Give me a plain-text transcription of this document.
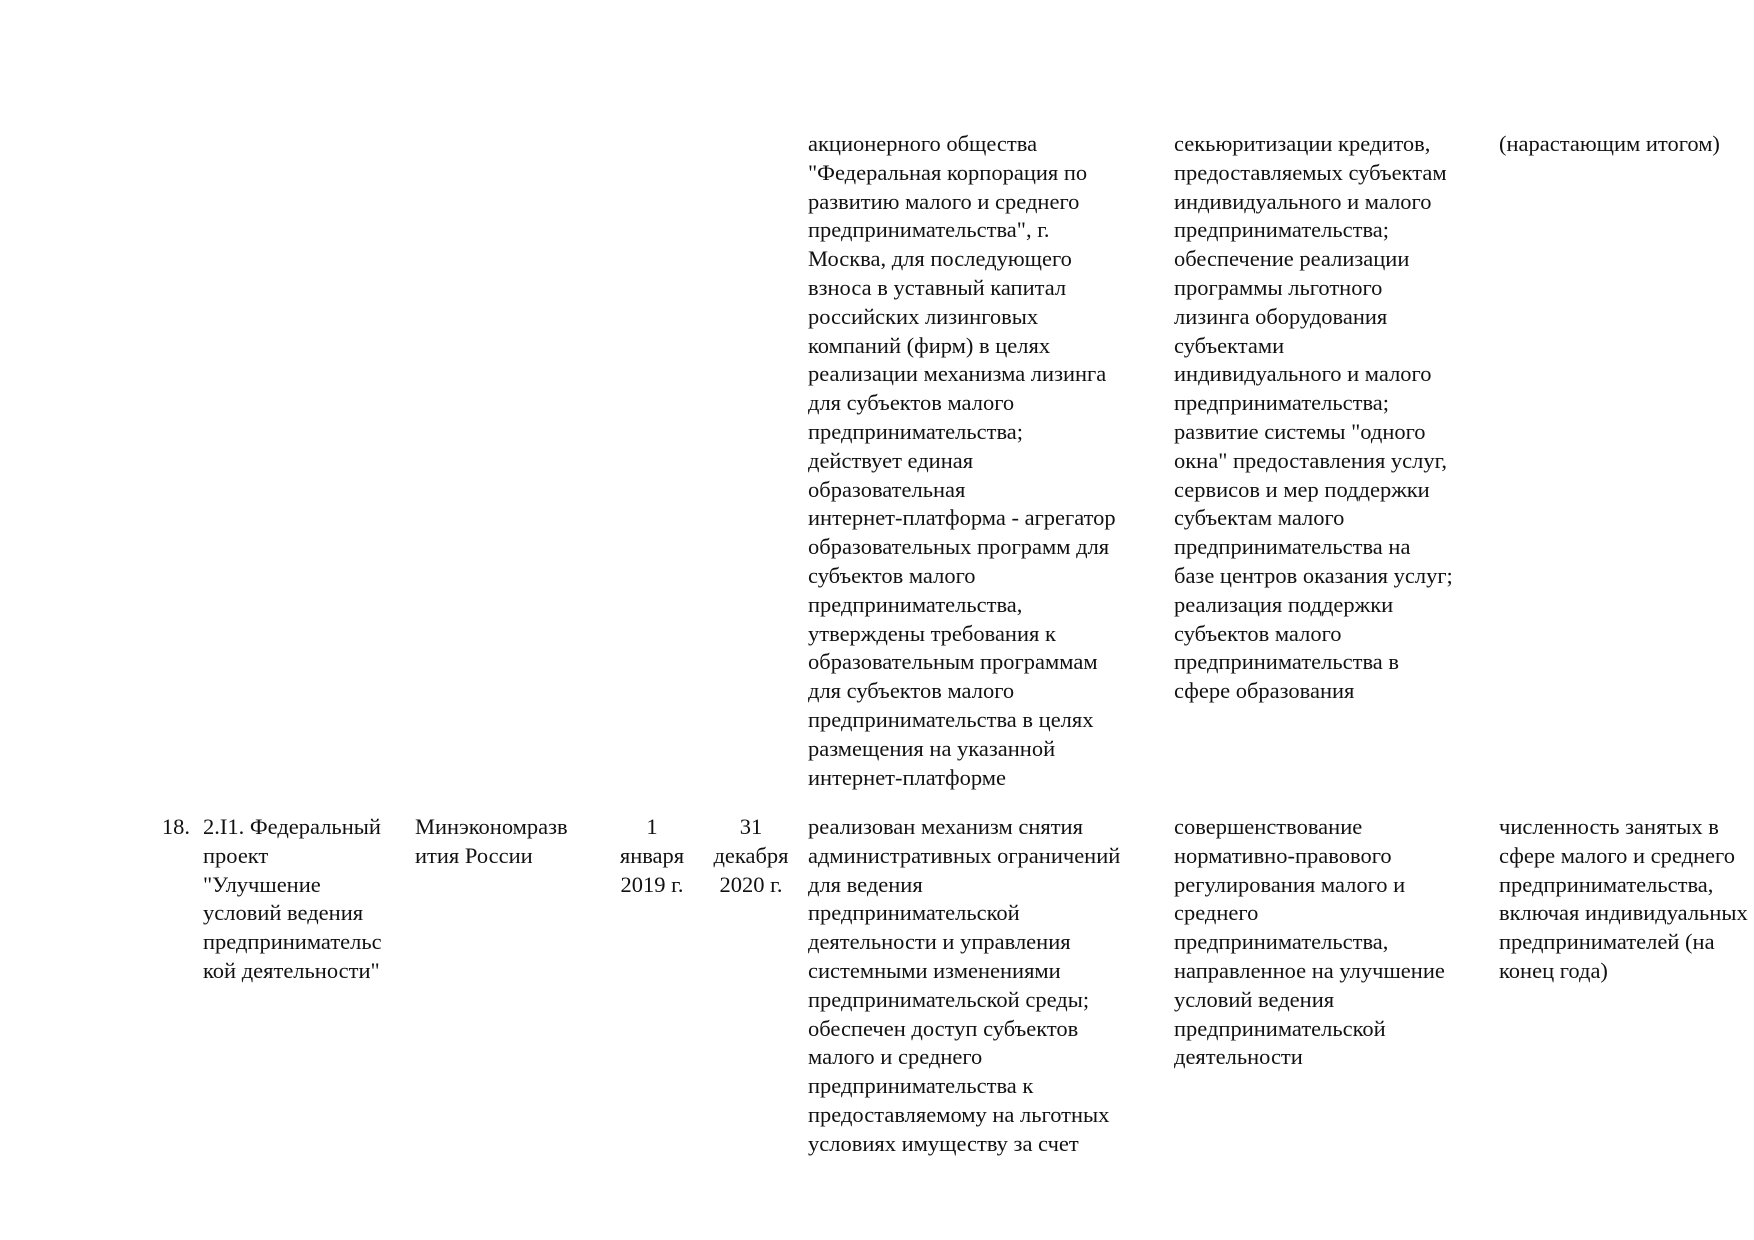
акционерного общества
"Федеральная корпорация по
развитию малого и среднего
предпринимательства", г.
Москва, для последующего
взноса в уставный капитал
российских лизинговых
компаний (фирм) в целях
реализации механизма лизинга
для субъектов малого
предпринимательства;
действует единая
образовательная
интернет-платформа - агрегатор
образовательных программ для
субъектов малого
предпринимательства,
утверждены требования к
образовательным программам
для субъектов малого
предпринимательства в целях
размещения на указанной
интернет-платформе
секьюритизации кредитов,
предоставляемых субъектам
индивидуального и малого
предпринимательства;
обеспечение реализации
программы льготного
лизинга оборудования
субъектами
индивидуального и малого
предпринимательства;
развитие системы "одного
окна" предоставления услуг,
сервисов и мер поддержки
субъектам малого
предпринимательства на
базе центров оказания услуг;
реализация поддержки
субъектов малого
предпринимательства в
сфере образования
(нарастающим итогом)
18. 2.I1. Федеральный
проект
"Улучшение
условий ведения
предпринимательс
кой деятельности"
Минэкономразв
ития России
1
января
2019 г.
31
декабря
2020 г.
реализован механизм снятия
административных ограничений
для ведения
предпринимательской
деятельности и управления
системными изменениями
предпринимательской среды;
обеспечен доступ субъектов
малого и среднего
предпринимательства к
предоставляемому на льготных
условиях имуществу за счет
совершенствование
нормативно-правового
регулирования малого и
среднего
предпринимательства,
направленное на улучшение
условий ведения
предпринимательской
деятельности
численность занятых в
сфере малого и среднего
предпринимательства,
включая индивидуальных
предпринимателей (на
конец года)
